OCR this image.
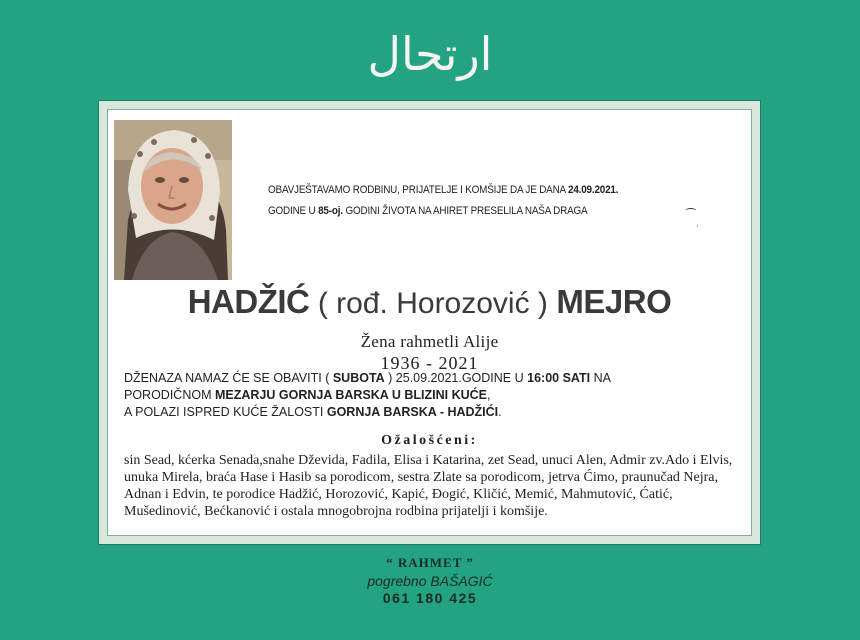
ارتحال
OBAVJEŠTAVAMO RODBINU, PRIJATELJE I KOMŠIJE DA JE DANA 24.09.2021.
GODINE U 85-oj. GODINI ŽIVOTA NA AHIRET PRESELILA NAŠA DRAGA
⁔
·
HADŽIĆ ( rođ. Horozović ) MEJRO
Žena rahmetli Alije
1936 - 2021
DŽENAZA NAMAZ ĆE SE OBAVITI ( SUBOTA ) 25.09.2021.GODINE U 16:00 SATI NA
PORODIČNOM MEZARJU GORNJA BARSKA U BLIZINI KUĆE,
A POLAZI ISPRED KUĆE ŽALOSTI GORNJA BARSKA - HADŽIĆI.
Ožalošćeni:
sin Sead, kćerka Senada,snahe Dževida, Fadila, Elisa i Katarina, zet Sead, unuci Alen, Admir zv.Ado i Elvis, unuka Mirela, braća Hase i Hasib sa porodicom, sestra Zlate sa porodicom, jetrva Ćimo, praunučad Nejra, Adnan i Edvin, te porodice Hadžić, Horozović, Kapić, Đogić, Kličić, Memić, Mahmutović, Ćatić, Mušedinović, Bećkanović i ostala mnogobrojna rodbina prijatelji i komšije.
“ RAHMET ”
pogrebno BAŠAGIĆ
061 180 425
